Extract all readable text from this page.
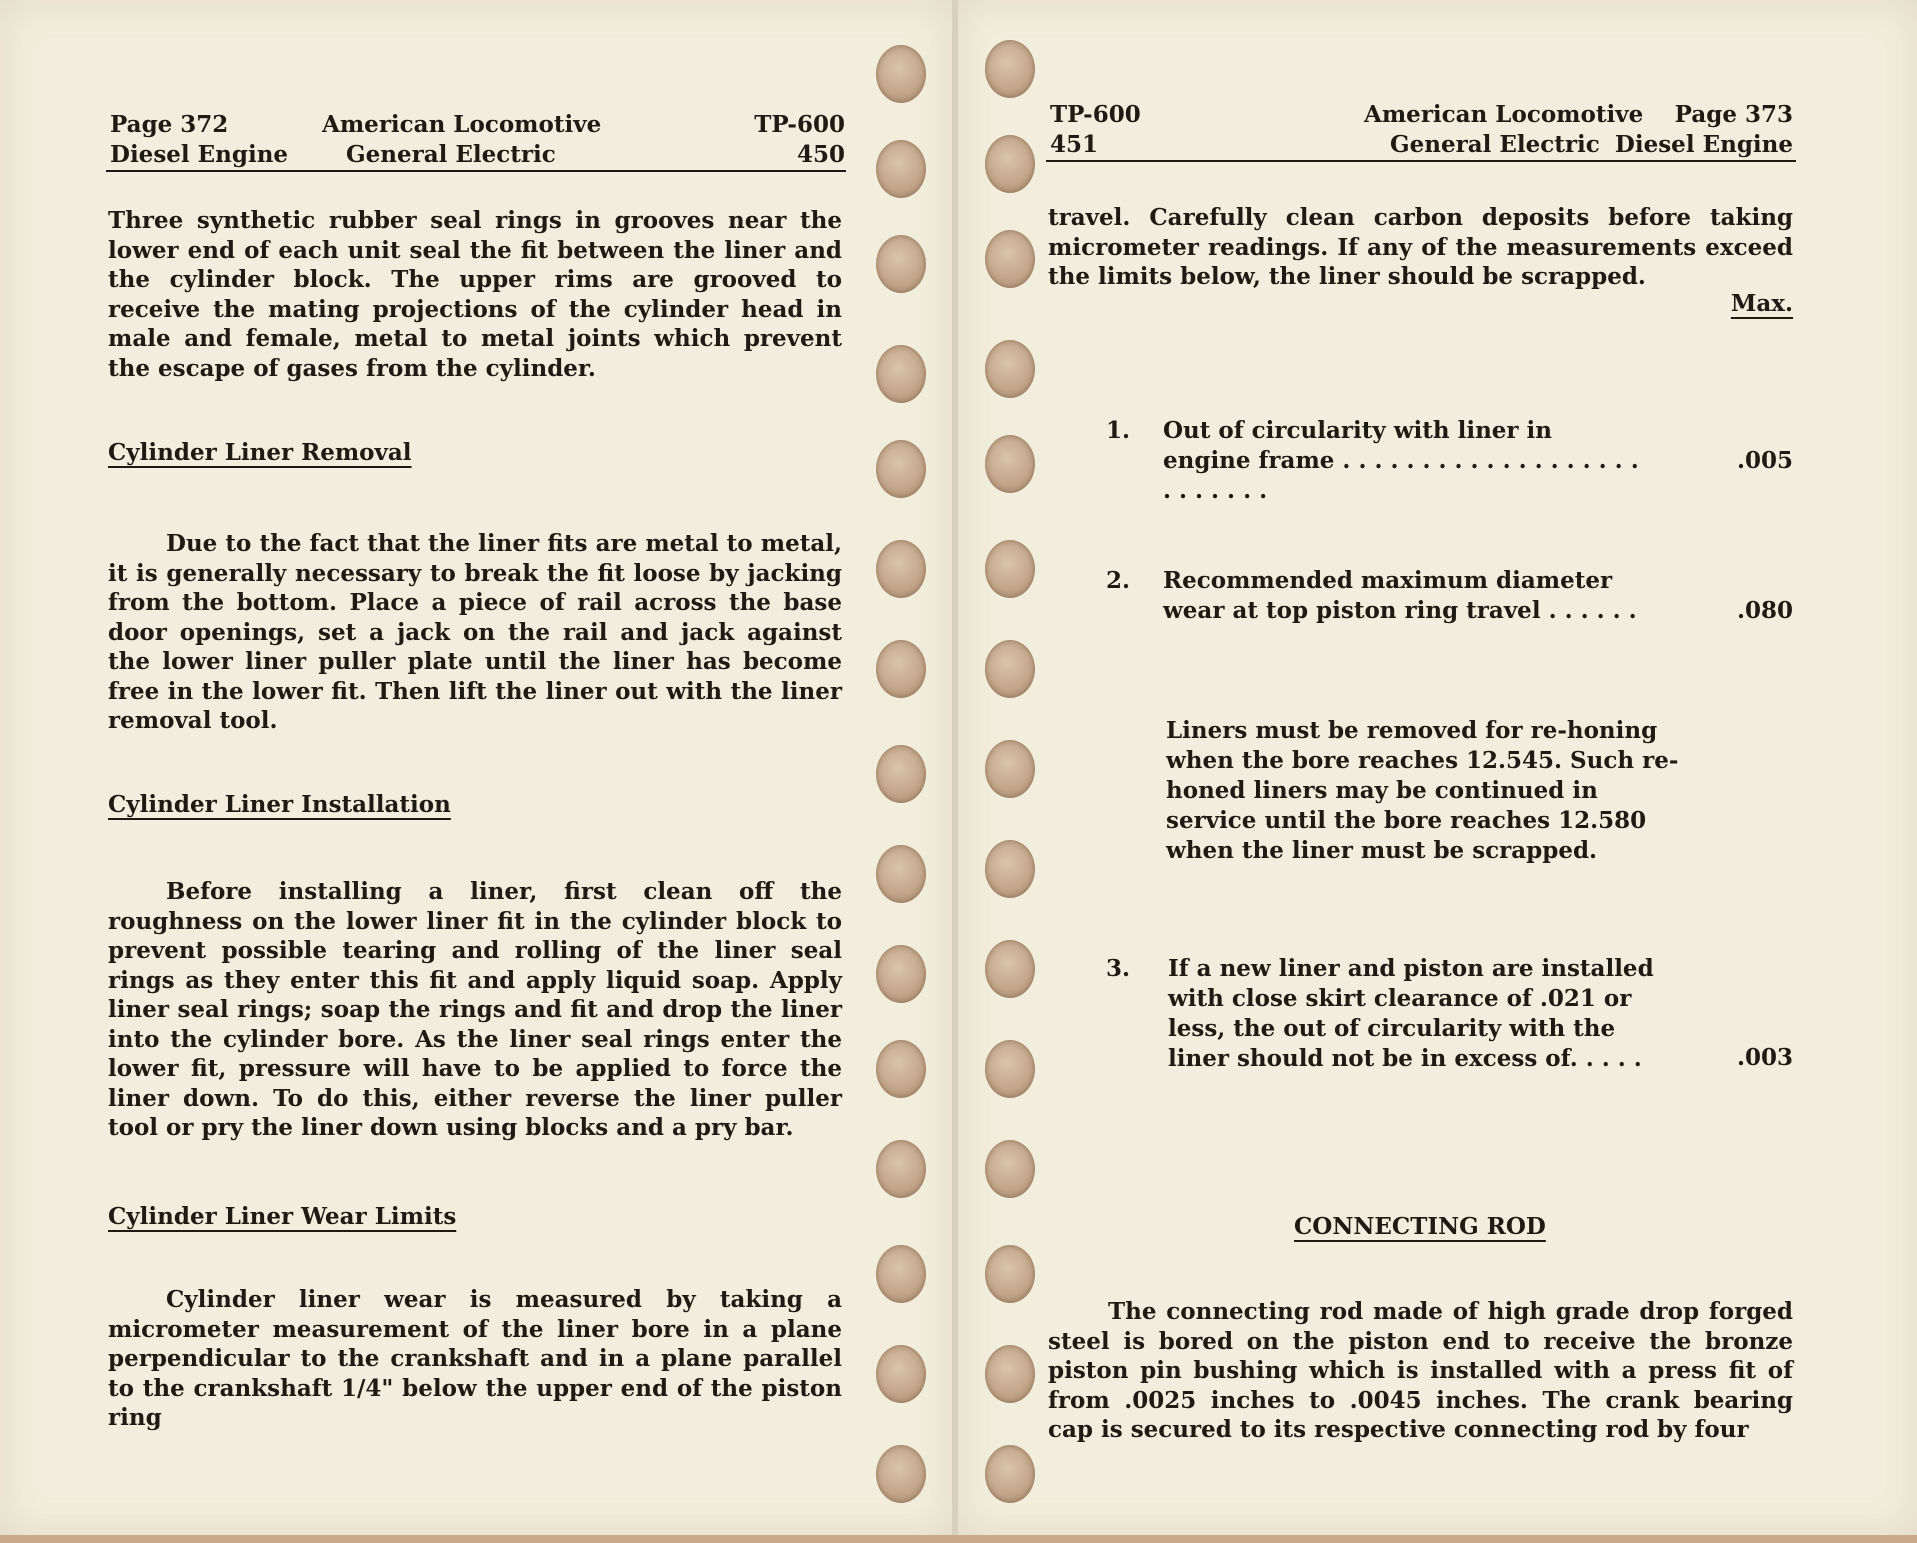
Page 372
Diesel Engine
American Locomotive
General Electric
TP-600
450

Three synthetic rubber seal rings in grooves near the lower end of each unit seal the fit between the liner and the cylinder block. The upper rims are grooved to receive the mating projections of the cylinder head in male and female, metal to metal joints which prevent the escape of gases from the cylinder.

Cylinder Liner Removal

Due to the fact that the liner fits are metal to metal, it is generally necessary to break the fit loose by jacking from the bottom. Place a piece of rail across the base door openings, set a jack on the rail and jack against the lower liner puller plate until the liner has become free in the lower fit. Then lift the liner out with the liner removal tool.

Cylinder Liner Installation

Before installing a liner, first clean off the roughness on the lower liner fit in the cylinder block to prevent possible tearing and rolling of the liner seal rings as they enter this fit and apply liquid soap. Apply liner seal rings; soap the rings and fit and drop the liner into the cylinder bore. As the liner seal rings enter the lower fit, pressure will have to be applied to force the liner down. To do this, either reverse the liner puller tool or pry the liner down using blocks and a pry bar.

Cylinder Liner Wear Limits

Cylinder liner wear is measured by taking a micrometer measurement of the liner bore in a plane perpendicular to the crankshaft and in a plane parallel to the crankshaft 1/4" below the upper end of the piston ring

TP-600
451
American Locomotive
General Electric
Page 373
Diesel Engine

travel. Carefully clean carbon deposits before taking micrometer readings. If any of the measurements exceed the limits below, the liner should be scrapped.

Max.
1. Out of circularity with liner in engine frame . . . . . . . . . . . . . . . . . . . . . . . . . .

.005
2. Recommended maximum diameter wear at top piston ring travel . . . . . .	.080
3. If a new liner and piston are installed with close skirt clearance of .021 or less, the out of circularity with the liner should not be in excess of. . . . .	.003

Liners must be removed for re-honing when the bore reaches 12.545. Such re-honed liners may be continued in service until the bore reaches 12.580 when the liner must be scrapped.

CONNECTING ROD

The connecting rod made of high grade drop forged steel is bored on the piston end to receive the bronze piston pin bushing which is installed with a press fit of from .0025 inches to .0045 inches. The crank bearing cap is secured to its respective connecting rod by four
